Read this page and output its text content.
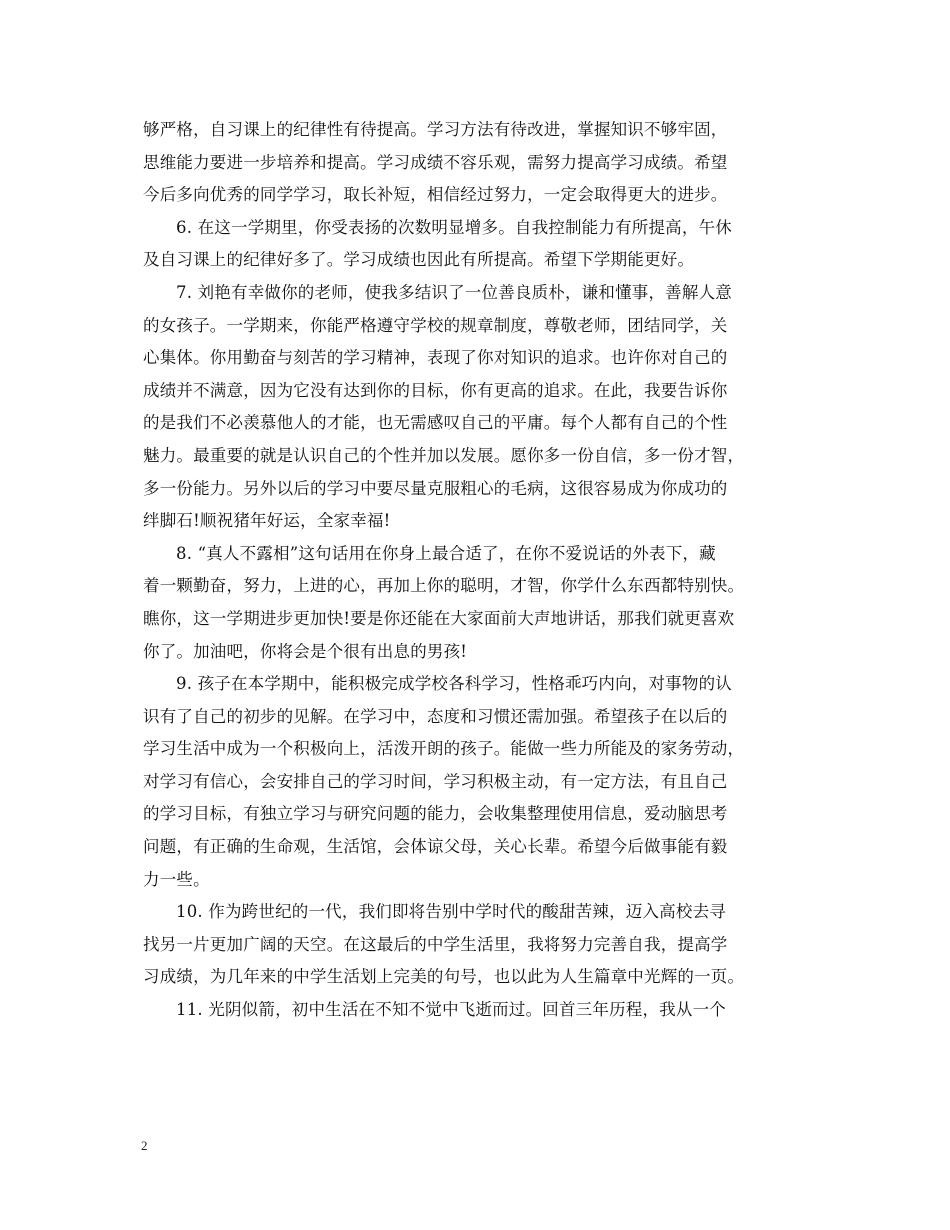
够严格，自习课上的纪律性有待提高。学习方法有待改进，掌握知识不够牢固，
思维能力要进一步培养和提高。学习成绩不容乐观，需努力提高学习成绩。希望
今后多向优秀的同学学习，取长补短，相信经过努力，一定会取得更大的进步。
6. 在这一学期里，你受表扬的次数明显增多。自我控制能力有所提高，午休
及自习课上的纪律好多了。学习成绩也因此有所提高。希望下学期能更好。
7. 刘艳有幸做你的老师，使我多结识了一位善良质朴，谦和懂事，善解人意
的女孩子。一学期来，你能严格遵守学校的规章制度，尊敬老师，团结同学，关
心集体。你用勤奋与刻苦的学习精神，表现了你对知识的追求。也许你对自己的
成绩并不满意，因为它没有达到你的目标，你有更高的追求。在此，我要告诉你
的是我们不必羡慕他人的才能，也无需感叹自己的平庸。每个人都有自己的个性
魅力。最重要的就是认识自己的个性并加以发展。愿你多一份自信，多一份才智，
多一份能力。另外以后的学习中要尽量克服粗心的毛病，这很容易成为你成功的
绊脚石!顺祝猪年好运，全家幸福!
8. “真人不露相”这句话用在你身上最合适了，在你不爱说话的外表下，藏
着一颗勤奋，努力，上进的心，再加上你的聪明，才智，你学什么东西都特别快。
瞧你，这一学期进步更加快!要是你还能在大家面前大声地讲话，那我们就更喜欢
你了。加油吧，你将会是个很有出息的男孩!
9. 孩子在本学期中，能积极完成学校各科学习，性格乖巧内向，对事物的认
识有了自己的初步的见解。在学习中，态度和习惯还需加强。希望孩子在以后的
学习生活中成为一个积极向上，活泼开朗的孩子。能做一些力所能及的家务劳动，
对学习有信心，会安排自己的学习时间，学习积极主动，有一定方法，有且自己
的学习目标，有独立学习与研究问题的能力，会收集整理使用信息，爱动脑思考
问题，有正确的生命观，生活馆，会体谅父母，关心长辈。希望今后做事能有毅
力一些。
10. 作为跨世纪的一代，我们即将告别中学时代的酸甜苦辣，迈入高校去寻
找另一片更加广阔的天空。在这最后的中学生活里，我将努力完善自我，提高学
习成绩，为几年来的中学生活划上完美的句号，也以此为人生篇章中光辉的一页。
11. 光阴似箭，初中生活在不知不觉中飞逝而过。回首三年历程，我从一个
2
